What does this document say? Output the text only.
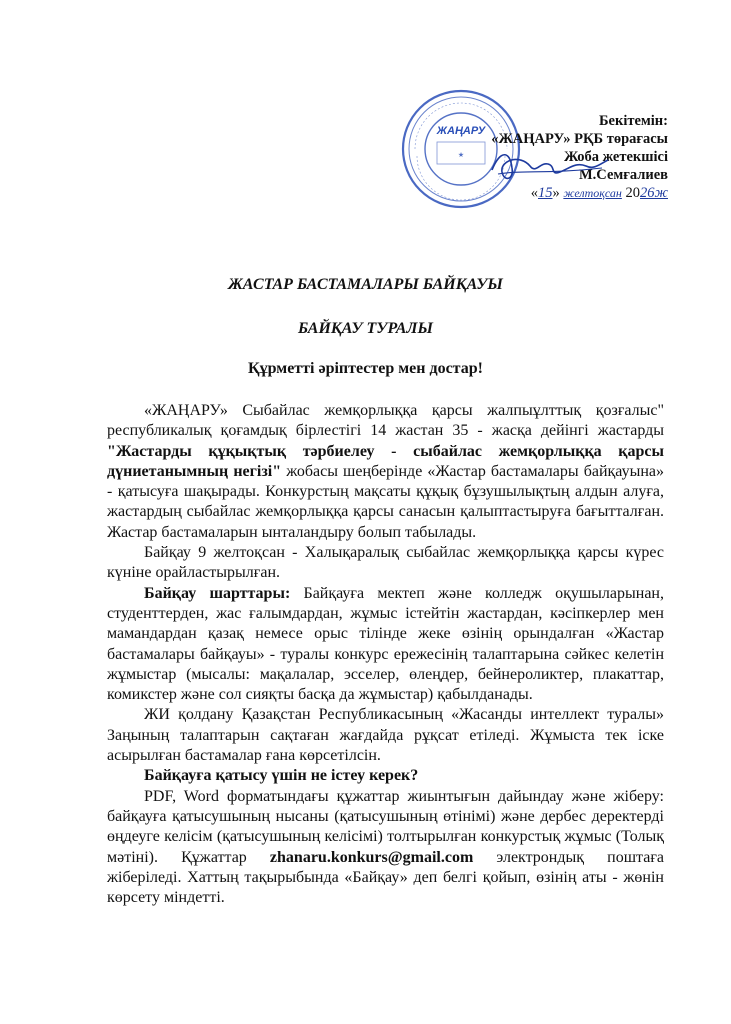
ЖАҢАРУ
★
Бекітемін:
«ЖАҢАРУ» РҚБ төрағасы
Жоба жетекшісі
М.Семғалиев
«15» желтоқсан 2026ж
ЖАСТАР БАСТАМАЛАРЫ БАЙҚАУЫ
БАЙҚАУ ТУРАЛЫ
Құрметті әріптестер мен достар!

«ЖАҢАРУ» Сыбайлас жемқорлыққа қарсы жалпыұлттық қозғалыс" республикалық қоғамдық бірлестігі 14 жастан 35 - жасқа дейінгі жастарды "Жастарды құқықтық тәрбиелеу - сыбайлас жемқорлыққа қарсы дүниетанымның негізі" жобасы шеңберінде «Жастар бастамалары байқауына» - қатысуға шақырады. Конкурстың мақсаты құқық бұзушылықтың алдын алуға, жастардың сыбайлас жемқорлыққа қарсы санасын қалыптастыруға бағытталған. Жастар бастамаларын ынталандыру болып табылады.

Байқау 9 желтоқсан - Халықаралық сыбайлас жемқорлыққа қарсы күрес күніне орайластырылған.

Байқау шарттары: Байқауға мектеп және колледж оқушыларынан, студенттерден, жас ғалымдардан, жұмыс істейтін жастардан, кәсіпкерлер мен мамандардан қазақ немесе орыс тілінде жеке өзінің орындалған «Жастар бастамалары байқауы» - туралы конкурс ережесінің талаптарына сәйкес келетін жұмыстар (мысалы: мақалалар, эсселер, өлеңдер, бейнероликтер, плакаттар, комикстер және сол сияқты басқа да жұмыстар) қабылданады.

ЖИ қолдану Қазақстан Республикасының «Жасанды интеллект туралы» Заңының талаптарын сақтаған жағдайда рұқсат етіледі. Жұмыста тек іске асырылған бастамалар ғана көрсетілсін.

Байқауға қатысу үшін не істеу керек?

PDF, Word форматындағы құжаттар жиынтығын дайындау және жіберу: байқауға қатысушының нысаны (қатысушының өтінімі) және дербес деректерді өңдеуге келісім (қатысушының келісімі) толтырылған конкурстық жұмыс (Толық мәтіні). Құжаттар zhanaru.konkurs@gmail.com электрондық поштаға жіберіледі. Хаттың тақырыбында «Байқау» деп белгі қойып, өзінің аты - жөнін көрсету міндетті.
